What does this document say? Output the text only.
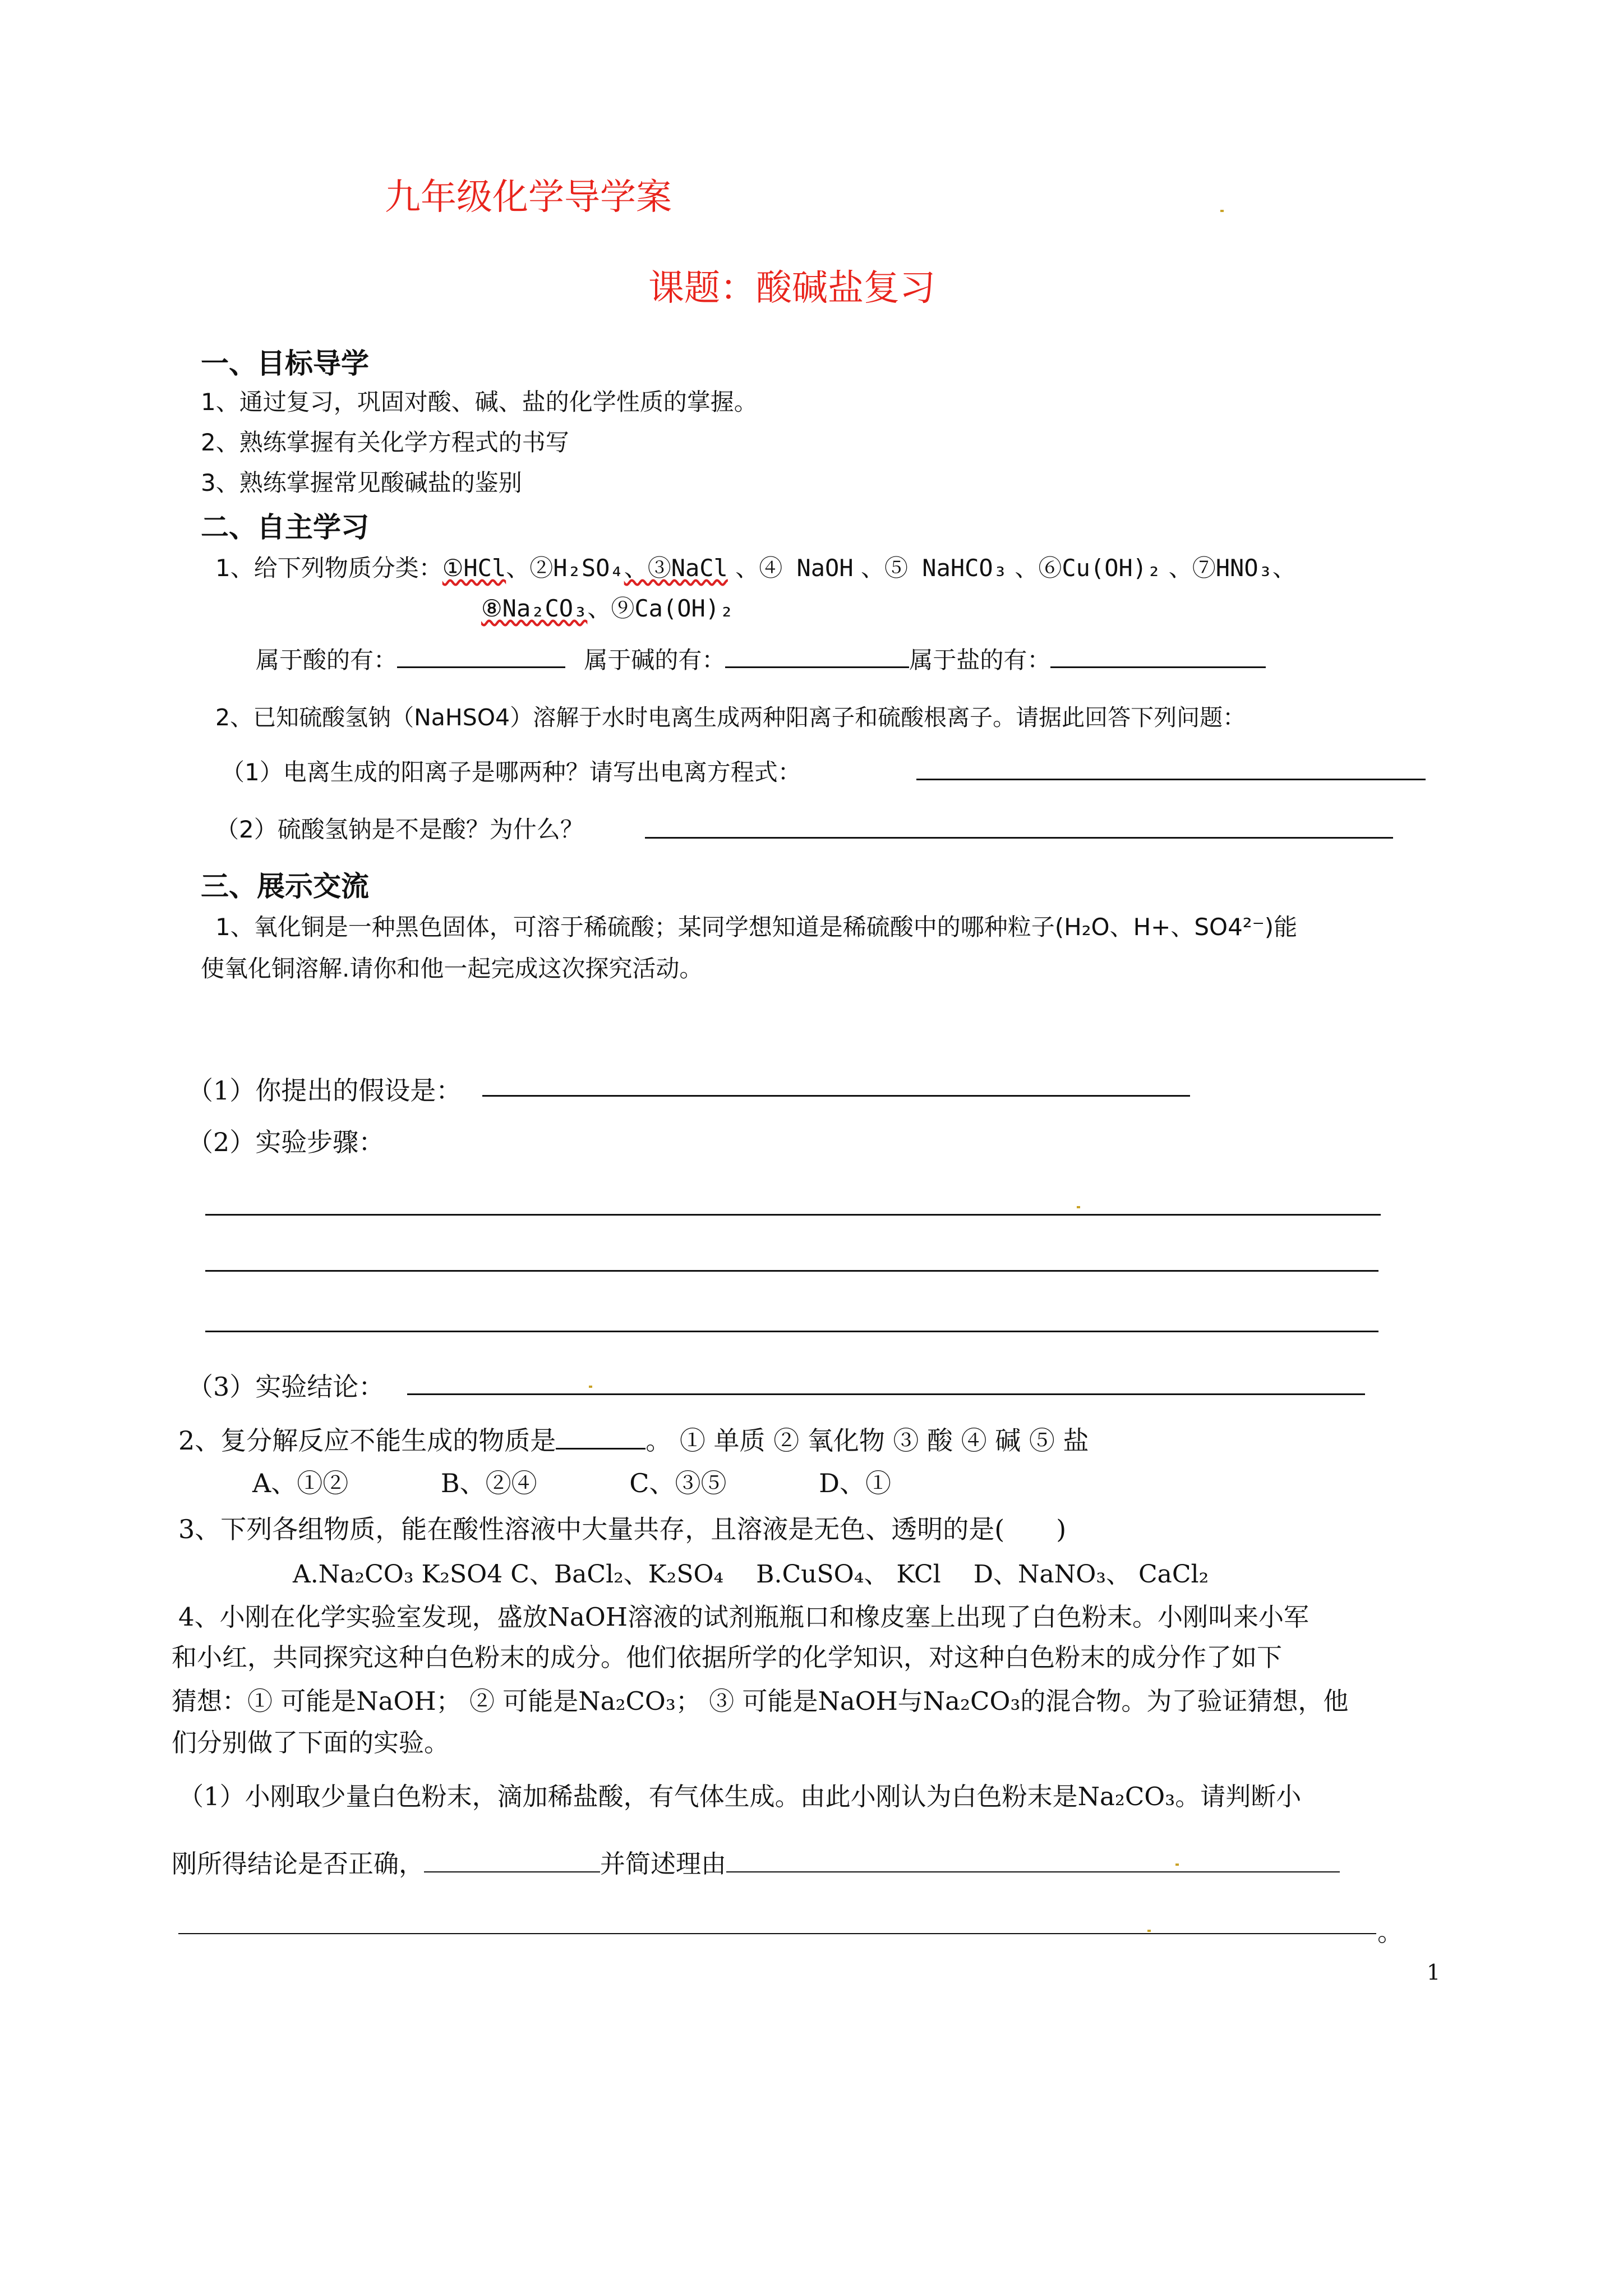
九年级化学导学案
课题：酸碱盐复习
一、目标导学
1、通过复习，巩固对酸、碱、盐的化学性质的掌握。
2、熟练掌握有关化学方程式的书写
3、熟练掌握常见酸碱盐的鉴别
二、自主学习
1、给下列物质分类：①HCl、②H₂SO₄、③NaCl 、④ NaOH 、⑤ NaHCO₃ 、⑥Cu(OH)₂ 、⑦HNO₃、
⑧Na₂CO₃、⑨Ca(OH)₂
属于酸的有：	属于碱的有：	属于盐的有：
2、已知硫酸氢钠（NaHSO4）溶解于水时电离生成两种阳离子和硫酸根离子。请据此回答下列问题：
（1）电离生成的阳离子是哪两种？请写出电离方程式：
（2）硫酸氢钠是不是酸？为什么？
三、展示交流
1、氧化铜是一种黑色固体，可溶于稀硫酸；某同学想知道是稀硫酸中的哪种粒子(H₂O、H+、SO4²⁻)能
使氧化铜溶解.请你和他一起完成这次探究活动。
（1）你提出的假设是：
（2）实验步骤：
（3）实验结论：
2、复分解反应不能生成的物质是	。 ① 单质 ② 氧化物 ③ 酸 ④ 碱 ⑤ 盐
A、①②	B、②④	C、③⑤	D、①
3、下列各组物质，能在酸性溶液中大量共存，且溶液是无色、透明的是(　　)
A.Na₂CO₃ K₂SO4 C、BaCl₂、K₂SO₄　 B.CuSO₄、 KCl　 D、NaNO₃、 CaCl₂
4、小刚在化学实验室发现，盛放NaOH溶液的试剂瓶瓶口和橡皮塞上出现了白色粉末。小刚叫来小军
和小红，共同探究这种白色粉末的成分。他们依据所学的化学知识，对这种白色粉末的成分作了如下
猜想：① 可能是NaOH； ② 可能是Na₂CO₃； ③ 可能是NaOH与Na₂CO₃的混合物。为了验证猜想，他
们分别做了下面的实验。
（1）小刚取少量白色粉末，滴加稀盐酸，有气体生成。由此小刚认为白色粉末是Na₂CO₃。请判断小
刚所得结论是否正确，	并简述理由
。
1
